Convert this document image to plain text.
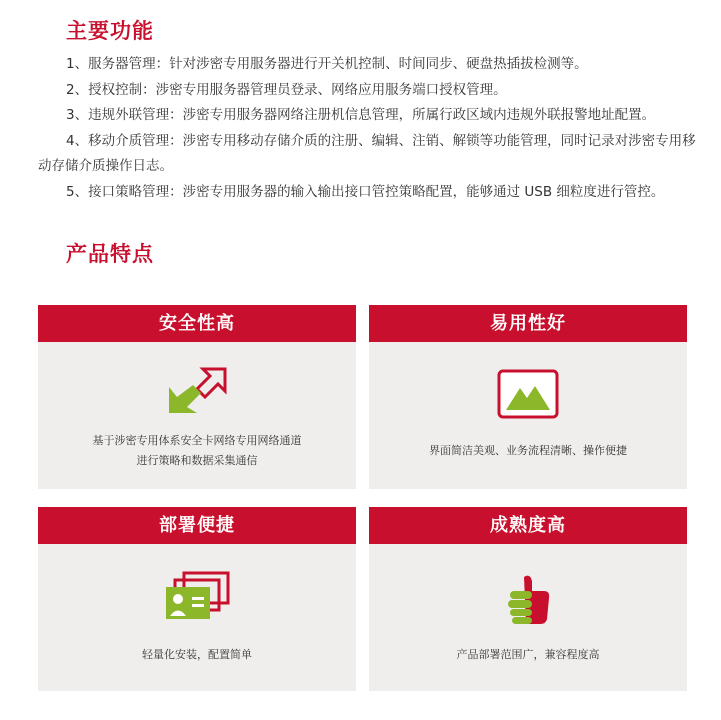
主要功能

1、服务器管理：针对涉密专用服务器进行开关机控制、时间同步、硬盘热插拔检测等。

2、授权控制：涉密专用服务器管理员登录、网络应用服务端口授权管理。

3、违规外联管理：涉密专用服务器网络注册机信息管理，所属行政区域内违规外联报警地址配置。

4、移动介质管理：涉密专用移动存储介质的注册、编辑、注销、解锁等功能管理，同时记录对涉密专用移动存储介质操作日志。

5、接口策略管理：涉密专用服务器的输入输出接口管控策略配置，能够通过 USB 细粒度进行管控。

产品特点
安全性高
基于涉密专用体系安全卡网络专用网络通道
进行策略和数据采集通信
易用性好
界面简洁美观、业务流程清晰、操作便捷
部署便捷
轻量化安装，配置简单
成熟度高
产品部署范围广，兼容程度高
